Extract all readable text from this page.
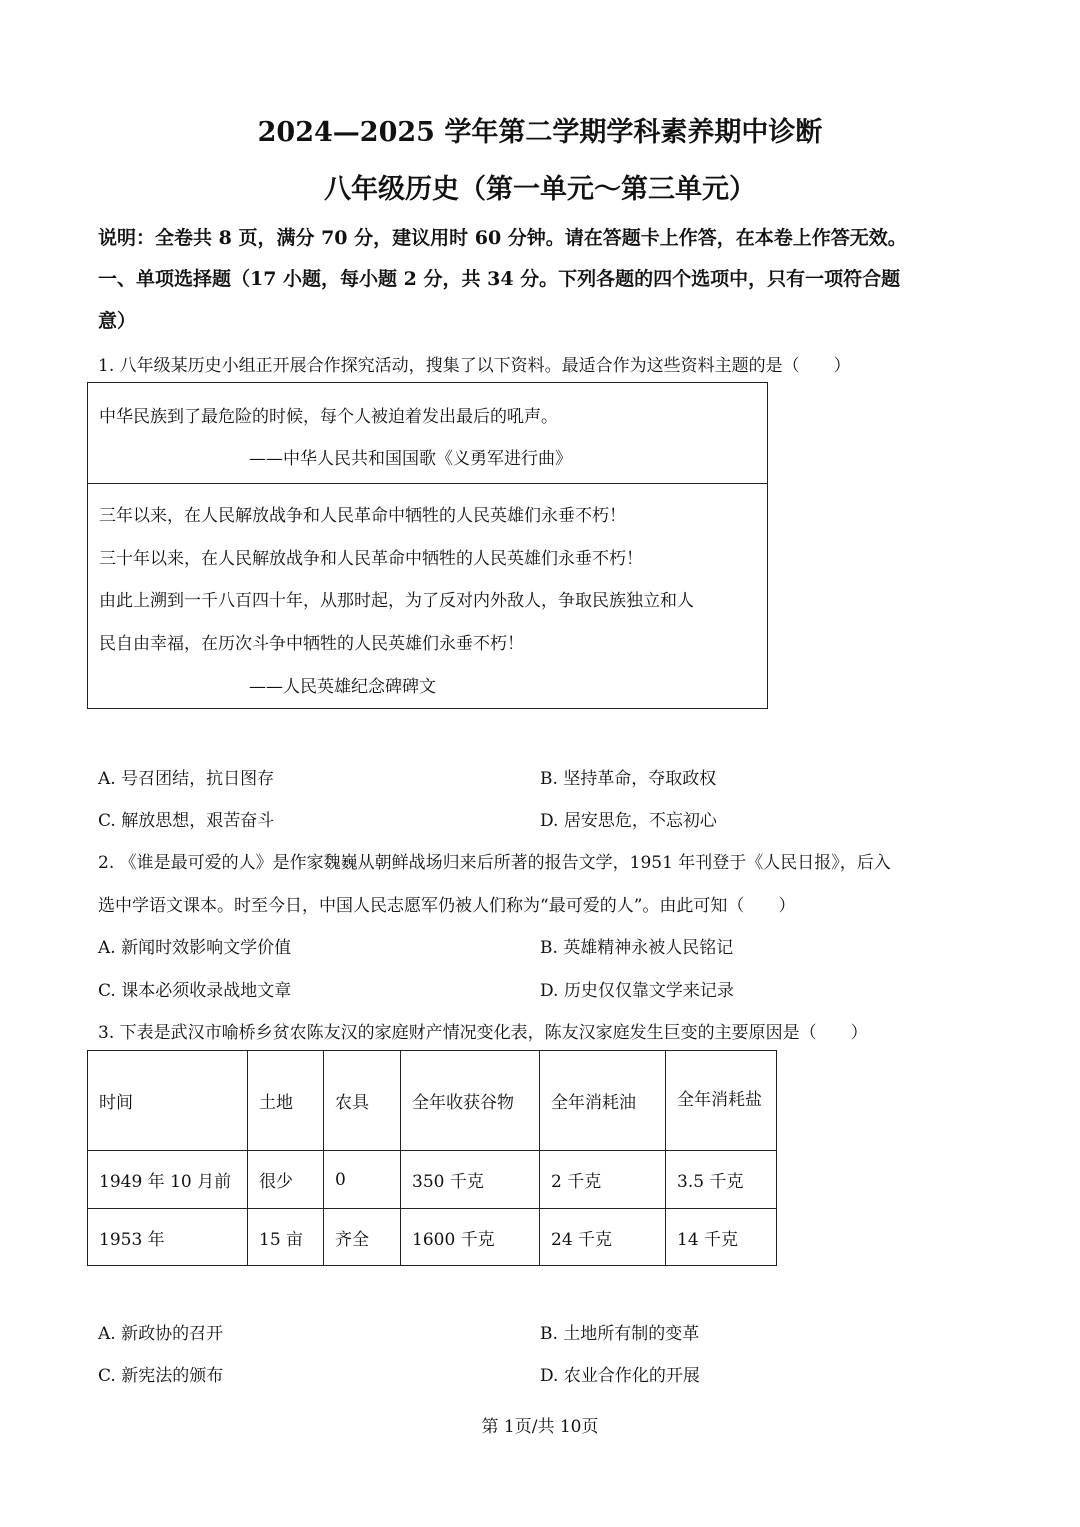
2024—2025 学年第二学期学科素养期中诊断
八年级历史（第一单元～第三单元）

说明：全卷共 8 页，满分 70 分，建议用时 60 分钟。请在答题卡上作答，在本卷上作答无效。

一、单项选择题（17 小题，每小题 2 分，共 34 分。下列各题的四个选项中，只有一项符合题

意）

1. 八年级某历史小组正开展合作探究活动，搜集了以下资料。最适合作为这些资料主题的是（　　）

中华民族到了最危险的时候，每个人被迫着发出最后的吼声。
——中华人民共和国国歌《义勇军进行曲》
三年以来，在人民解放战争和人民革命中牺牲的人民英雄们永垂不朽！
三十年以来，在人民解放战争和人民革命中牺牲的人民英雄们永垂不朽！
由此上溯到一千八百四十年，从那时起，为了反对内外敌人，争取民族独立和人
民自由幸福，在历次斗争中牺牲的人民英雄们永垂不朽！
——人民英雄纪念碑碑文

A. 号召团结，抗日图存	B. 坚持革命，夺取政权

C. 解放思想，艰苦奋斗	D. 居安思危，不忘初心

2. 《谁是最可爱的人》是作家魏巍从朝鲜战场归来后所著的报告文学，1951 年刊登于《人民日报》，后入

选中学语文课本。时至今日，中国人民志愿军仍被人们称为“最可爱的人”。由此可知（　　）

A. 新闻时效影响文学价值	B. 英雄精神永被人民铭记

C. 课本必须收录战地文章	D. 历史仅仅靠文学来记录

3. 下表是武汉市喻桥乡贫农陈友汉的家庭财产情况变化表，陈友汉家庭发生巨变的主要原因是（　　）

时间	土地	农具	全年收获谷物	全年消耗油	全年消耗盐
1949 年 10 月前	很少	0	350 千克	2 千克	3.5 千克
1953 年	15 亩	齐全	1600 千克	24 千克	14 千克

A. 新政协的召开	B. 土地所有制的变革

C. 新宪法的颁布	D. 农业合作化的开展

第 1页/共 10页
